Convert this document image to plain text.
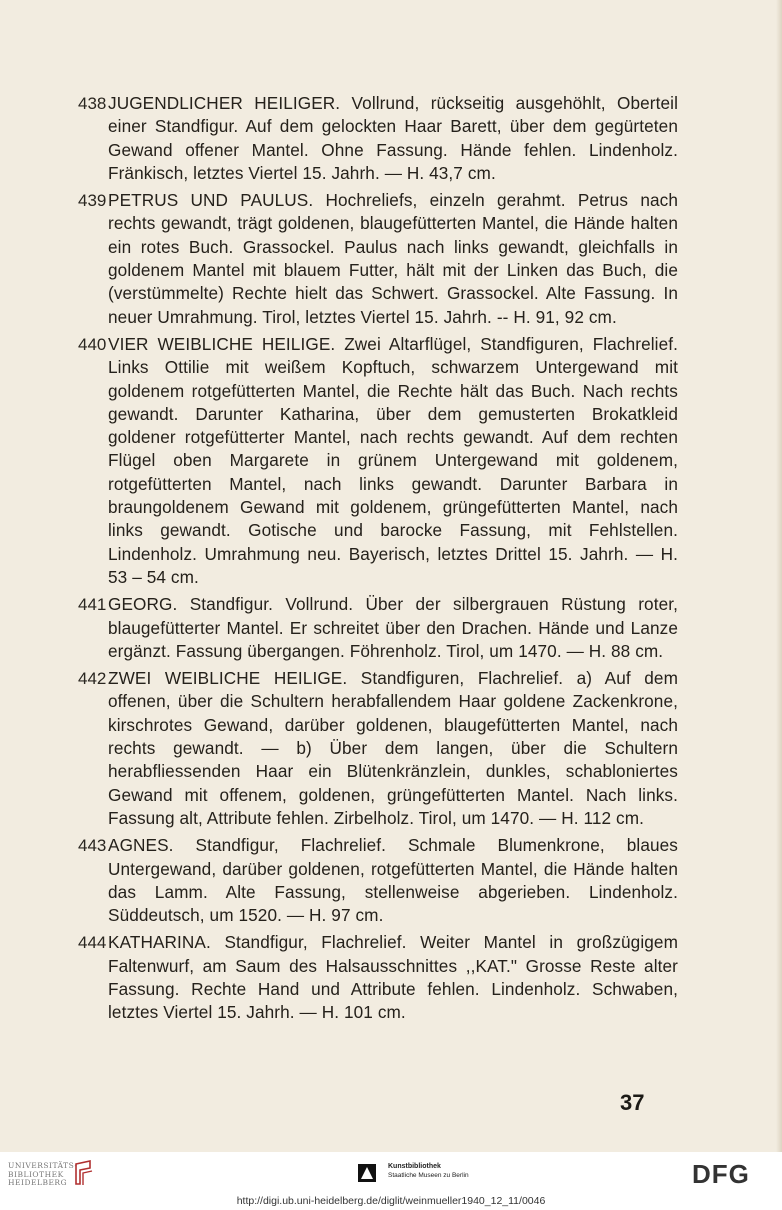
438 JUGENDLICHER HEILIGER. Vollrund, rückseitig ausgehöhlt, Oberteil einer Standfigur. Auf dem gelockten Haar Barett, über dem gegürteten Gewand offener Mantel. Ohne Fassung. Hände fehlen. Lindenholz. Fränkisch, letztes Viertel 15. Jahrh. — H. 43,7 cm.

439 PETRUS UND PAULUS. Hochreliefs, einzeln gerahmt. Petrus nach rechts gewandt, trägt goldenen, blaugefütterten Mantel, die Hände halten ein rotes Buch. Grassockel. Paulus nach links gewandt, gleichfalls in goldenem Mantel mit blauem Futter, hält mit der Linken das Buch, die (verstümmelte) Rechte hielt das Schwert. Grassockel. Alte Fassung. In neuer Umrahmung. Tirol, letztes Viertel 15. Jahrh. -- H. 91, 92 cm.

440 VIER WEIBLICHE HEILIGE. Zwei Altarflügel, Standfiguren, Flachrelief. Links Ottilie mit weißem Kopftuch, schwarzem Untergewand mit goldenem rotgefütterten Mantel, die Rechte hält das Buch. Nach rechts gewandt. Darunter Katharina, über dem gemusterten Brokatkleid goldener rotgefütterter Mantel, nach rechts gewandt. Auf dem rechten Flügel oben Margarete in grünem Untergewand mit goldenem, rotgefütterten Mantel, nach links gewandt. Darunter Barbara in braungoldenem Gewand mit goldenem, grüngefütterten Mantel, nach links gewandt. Gotische und barocke Fassung, mit Fehlstellen. Lindenholz. Umrahmung neu. Bayerisch, letztes Drittel 15. Jahrh. — H. 53 – 54 cm.

441 GEORG. Standfigur. Vollrund. Über der silbergrauen Rüstung roter, blaugefütterter Mantel. Er schreitet über den Drachen. Hände und Lanze ergänzt. Fassung übergangen. Föhrenholz. Tirol, um 1470. — H. 88 cm.

442 ZWEI WEIBLICHE HEILIGE. Standfiguren, Flachrelief. a) Auf dem offenen, über die Schultern herabfallendem Haar goldene Zackenkrone, kirschrotes Gewand, darüber goldenen, blaugefütterten Mantel, nach rechts gewandt. — b) Über dem langen, über die Schultern herabfliessenden Haar ein Blütenkränzlein, dunkles, schabloniertes Gewand mit offenem, goldenen, grüngefütterten Mantel. Nach links. Fassung alt, Attribute fehlen. Zirbelholz. Tirol, um 1470. — H. 112 cm.

443 AGNES. Standfigur, Flachrelief. Schmale Blumenkrone, blaues Untergewand, darüber goldenen, rotgefütterten Mantel, die Hände halten das Lamm. Alte Fassung, stellenweise abgerieben. Lindenholz. Süddeutsch, um 1520. — H. 97 cm.

444 KATHARINA. Standfigur, Flachrelief. Weiter Mantel in großzügigem Faltenwurf, am Saum des Halsausschnittes ,,KAT." Grosse Reste alter Fassung. Rechte Hand und Attribute fehlen. Lindenholz. Schwaben, letztes Viertel 15. Jahrh. — H. 101 cm.

37
UNIVERSITÄTS-
BIBLIOTHEK
HEIDELBERG
Kunstbibliothek
Staatliche Museen zu Berlin	DFG
http://digi.ub.uni-heidelberg.de/diglit/weinmueller1940_12_11/0046
